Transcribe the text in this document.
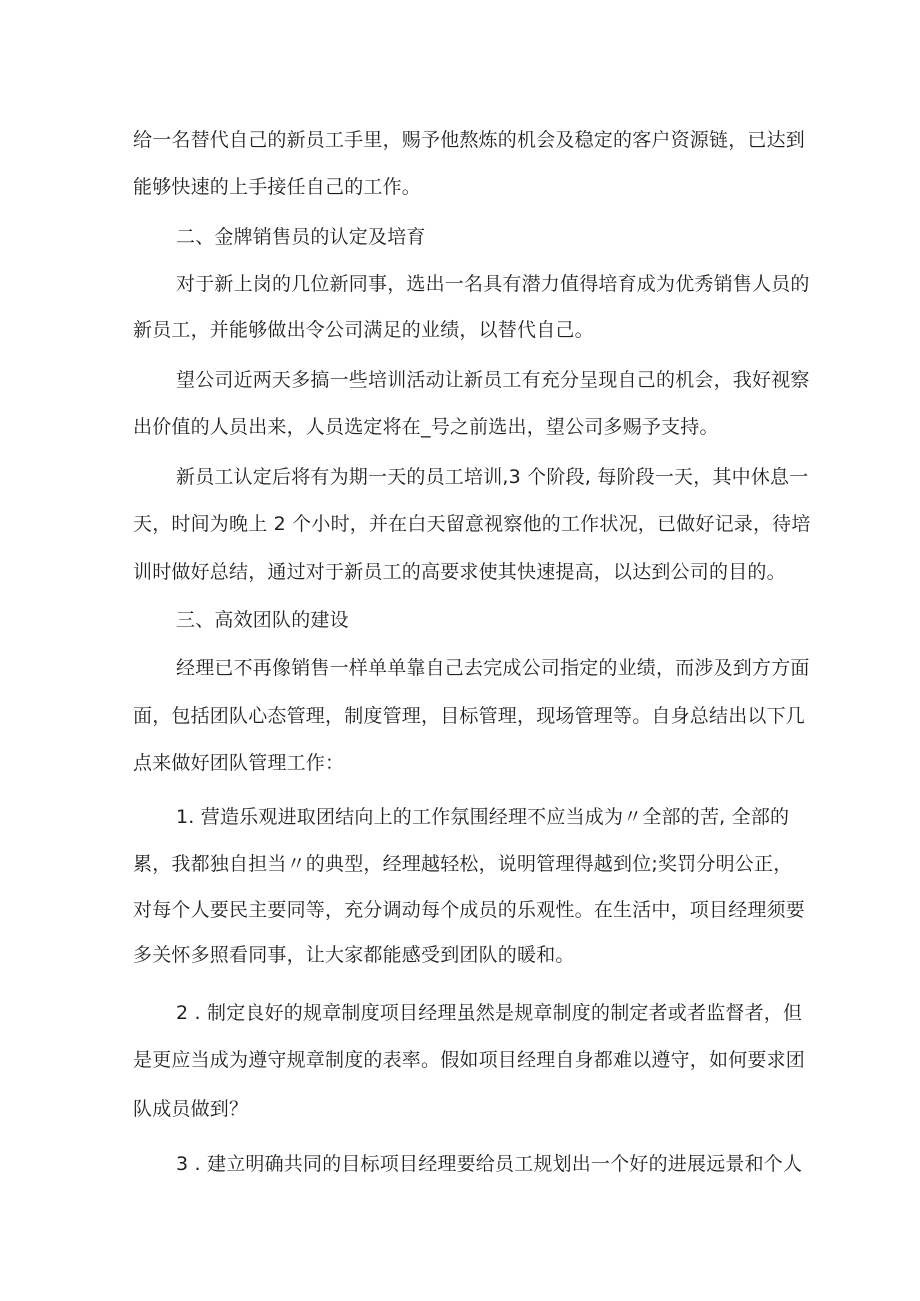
给一名替代自己的新员工手里，赐予他熬炼的机会及稳定的客户资源链，已达到

能够快速的上手接任自己的工作。

二、金牌销售员的认定及培育

对于新上岗的几位新同事，选出一名具有潜力值得培育成为优秀销售人员的

新员工，并能够做出令公司满足的业绩，以替代自己。

望公司近两天多搞一些培训活动让新员工有充分呈现自己的机会，我好视察

出价值的人员出来，人员选定将在_号之前选出，望公司多赐予支持。

新员工认定后将有为期一天的员工培训,3 个阶段, 每阶段一天，其中休息一

天，时间为晚上 2 个小时，并在白天留意视察他的工作状况，已做好记录，待培

训时做好总结，通过对于新员工的高要求使其快速提高，以达到公司的目的。

三、高效团队的建设

经理已不再像销售一样单单靠自己去完成公司指定的业绩，而涉及到方方面

面，包括团队心态管理，制度管理，目标管理，现场管理等。自身总结出以下几

点来做好团队管理工作：

1. 营造乐观进取团结向上的工作氛围经理不应当成为〃全部的苦, 全部的

累，我都独自担当〃的典型，经理越轻松，说明管理得越到位;奖罚分明公正，

对每个人要民主要同等，充分调动每个成员的乐观性。在生活中，项目经理须要

多关怀多照看同事，让大家都能感受到团队的暖和。

2 . 制定良好的规章制度项目经理虽然是规章制度的制定者或者监督者，但

是更应当成为遵守规章制度的表率。假如项目经理自身都难以遵守，如何要求团

队成员做到？

3 . 建立明确共同的目标项目经理要给员工规划出一个好的进展远景和个人
